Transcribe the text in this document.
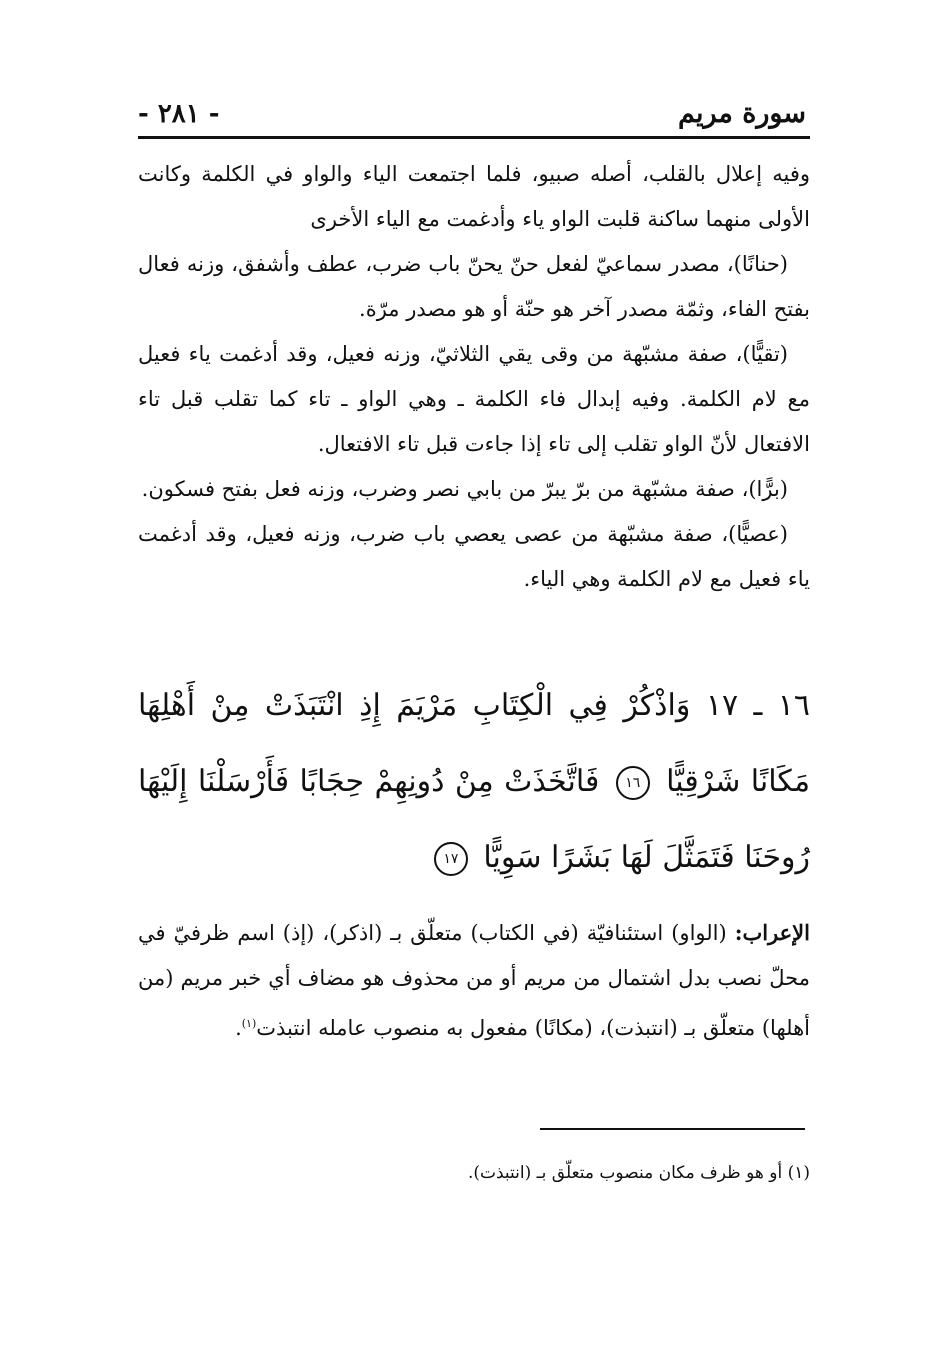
سورة مريم
- ٢٨١ -

وفيه إعلال بالقلب، أصله صبيو، فلما اجتمعت الياء والواو في الكلمة وكانت الأولى منهما ساكنة قلبت الواو ياء وأدغمت مع الياء الأخرى

(حنانًا)، مصدر سماعيّ لفعل حنّ يحنّ باب ضرب، عطف وأشفق، وزنه فعال بفتح الفاء، وثمّة مصدر آخر هو حنّة أو هو مصدر مرّة.

(تقيًّا)، صفة مشبّهة من وقى يقي الثلاثيّ، وزنه فعيل، وقد أدغمت ياء فعيل مع لام الكلمة. وفيه إبدال فاء الكلمة ـ وهي الواو ـ تاء كما تقلب قبل تاء الافتعال لأنّ الواو تقلب إلى تاء إذا جاءت قبل تاء الافتعال.

(برًّا)، صفة مشبّهة من برّ يبرّ من بابي نصر وضرب، وزنه فعل بفتح فسكون.

(عصيًّا)، صفة مشبّهة من عصى يعصي باب ضرب، وزنه فعيل، وقد أدغمت ياء فعيل مع لام الكلمة وهي الياء.

١٦ ـ ١٧ وَاذْكُرْ فِي الْكِتَابِ مَرْيَمَ إِذِ انْتَبَذَتْ مِنْ أَهْلِهَا مَكَانًا شَرْقِيًّا ١٦ فَاتَّخَذَتْ مِنْ دُونِهِمْ حِجَابًا فَأَرْسَلْنَا إِلَيْهَا رُوحَنَا فَتَمَثَّلَ لَهَا بَشَرًا سَوِيًّا ١٧

الإعراب: (الواو) استئنافيّة (في الكتاب) متعلّق بـ (اذكر)، (إذ) اسم ظرفيّ في محلّ نصب بدل اشتمال من مريم أو من محذوف هو مضاف أي خبر مريم (من أهلها) متعلّق بـ (انتبذت)، (مكانًا) مفعول به منصوب عامله انتبذت$^{(١)}$.

(١) أو هو ظرف مكان منصوب متعلّق بـ (انتبذت).
